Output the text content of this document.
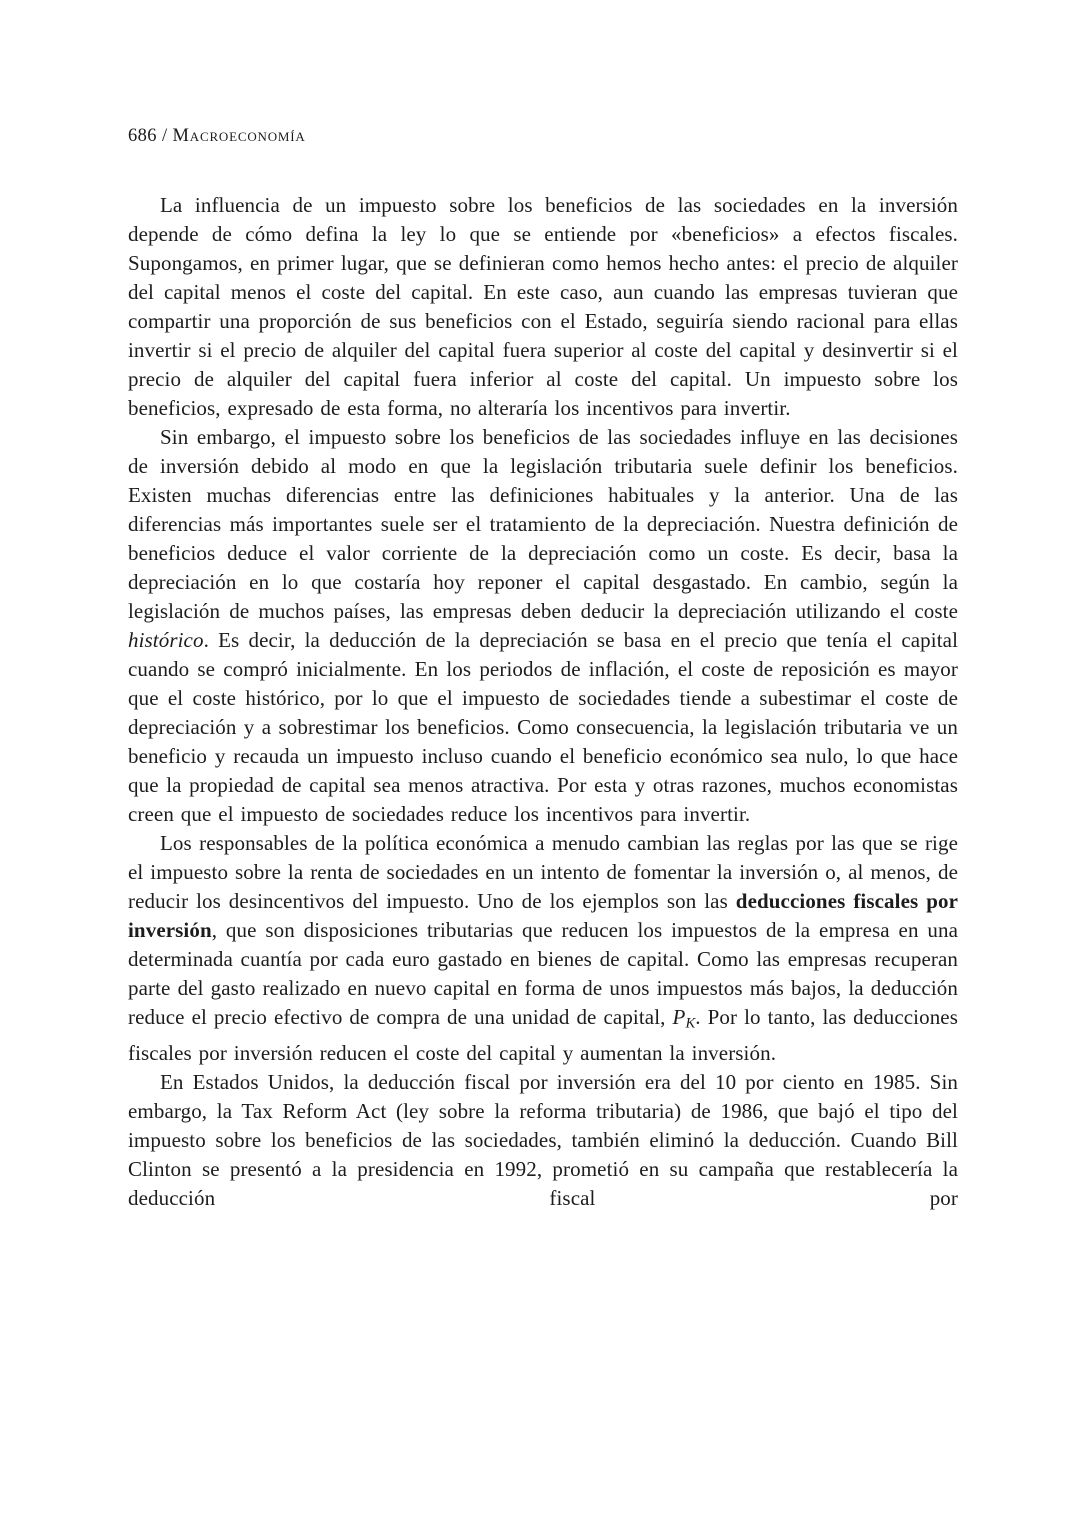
686 / Macroeconomía

La influencia de un impuesto sobre los beneficios de las sociedades en la inversión depende de cómo defina la ley lo que se entiende por «beneficios» a efectos fiscales. Supongamos, en primer lugar, que se definieran como hemos hecho antes: el precio de alquiler del capital menos el coste del capital. En este caso, aun cuando las empresas tuvieran que compartir una proporción de sus beneficios con el Estado, seguiría siendo racional para ellas invertir si el precio de alquiler del capital fuera superior al coste del capital y desinvertir si el precio de alquiler del capital fuera inferior al coste del capital. Un impuesto sobre los beneficios, expresado de esta forma, no alteraría los incentivos para invertir.

Sin embargo, el impuesto sobre los beneficios de las sociedades influye en las decisiones de inversión debido al modo en que la legislación tributaria suele definir los beneficios. Existen muchas diferencias entre las definiciones habituales y la anterior. Una de las diferencias más importantes suele ser el tratamiento de la depreciación. Nuestra definición de beneficios deduce el valor corriente de la depreciación como un coste. Es decir, basa la depreciación en lo que costaría hoy reponer el capital desgastado. En cambio, según la legislación de muchos países, las empresas deben deducir la depreciación utilizando el coste histórico. Es decir, la deducción de la depreciación se basa en el precio que tenía el capital cuando se compró inicialmente. En los periodos de inflación, el coste de reposición es mayor que el coste histórico, por lo que el impuesto de sociedades tiende a subestimar el coste de depreciación y a sobrestimar los beneficios. Como consecuencia, la legislación tributaria ve un beneficio y recauda un impuesto incluso cuando el beneficio económico sea nulo, lo que hace que la propiedad de capital sea menos atractiva. Por esta y otras razones, muchos economistas creen que el impuesto de sociedades reduce los incentivos para invertir.

Los responsables de la política económica a menudo cambian las reglas por las que se rige el impuesto sobre la renta de sociedades en un intento de fomentar la inversión o, al menos, de reducir los desincentivos del impuesto. Uno de los ejemplos son las deducciones fiscales por inversión, que son disposiciones tributarias que reducen los impuestos de la empresa en una determinada cuantía por cada euro gastado en bienes de capital. Como las empresas recuperan parte del gasto realizado en nuevo capital en forma de unos impuestos más bajos, la deducción reduce el precio efectivo de compra de una unidad de capital, $P_K$. Por lo tanto, las deducciones fiscales por inversión reducen el coste del capital y aumentan la inversión.

En Estados Unidos, la deducción fiscal por inversión era del 10 por ciento en 1985. Sin embargo, la Tax Reform Act (ley sobre la reforma tributaria) de 1986, que bajó el tipo del impuesto sobre los beneficios de las sociedades, también eliminó la deducción. Cuando Bill Clinton se presentó a la presidencia en 1992, prometió en su campaña que restablecería la deducción fiscal por
